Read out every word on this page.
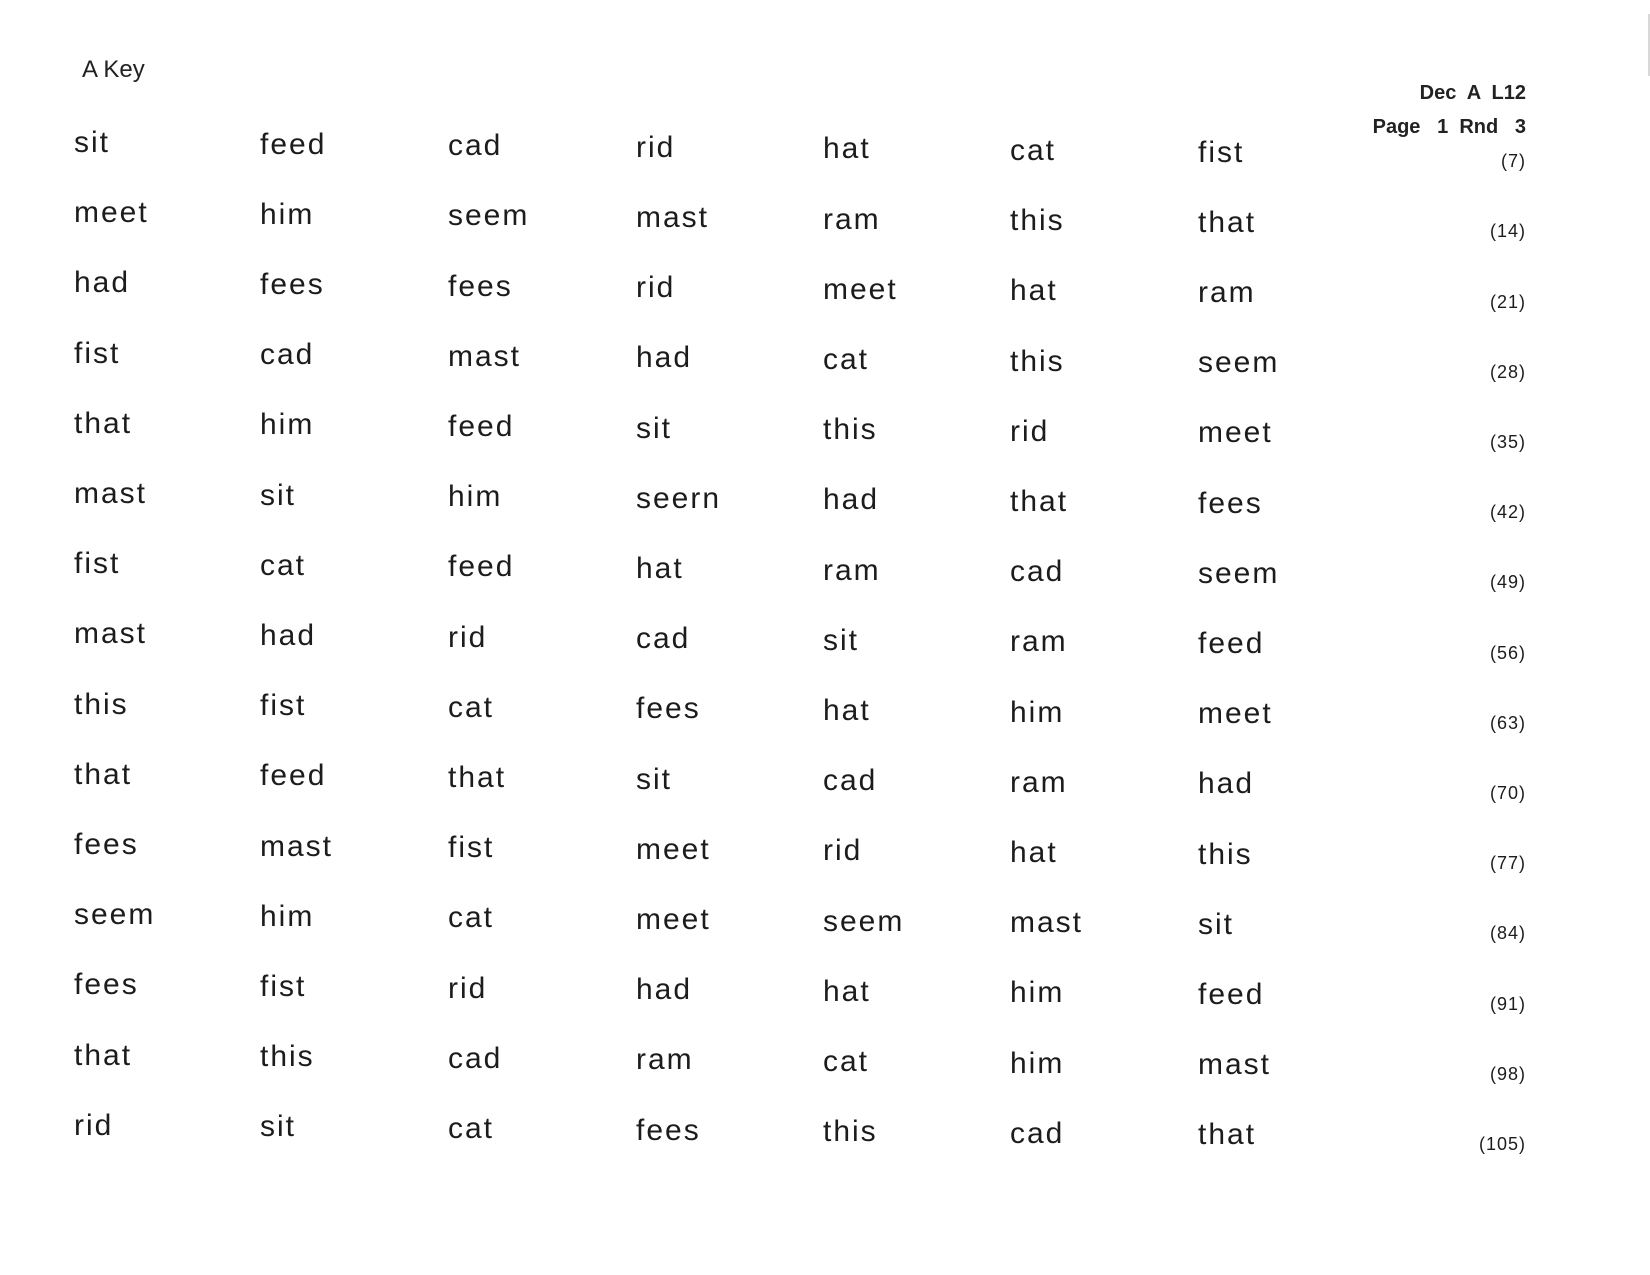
A Key
Dec  A  L12
Page   1  Rnd   3
sit	feed	cad	rid	hat	cat	fist	(7)
meet	him	seem	mast	ram	this	that	(14)
had	fees	fees	rid	meet	hat	ram	(21)
fist	cad	mast	had	cat	this	seem	(28)
that	him	feed	sit	this	rid	meet	(35)
mast	sit	him	seern	had	that	fees	(42)
fist	cat	feed	hat	ram	cad	seem	(49)
mast	had	rid	cad	sit	ram	feed	(56)
this	fist	cat	fees	hat	him	meet	(63)
that	feed	that	sit	cad	ram	had	(70)
fees	mast	fist	meet	rid	hat	this	(77)
seem	him	cat	meet	seem	mast	sit	(84)
fees	fist	rid	had	hat	him	feed	(91)
that	this	cad	ram	cat	him	mast	(98)
rid	sit	cat	fees	this	cad	that	(105)
